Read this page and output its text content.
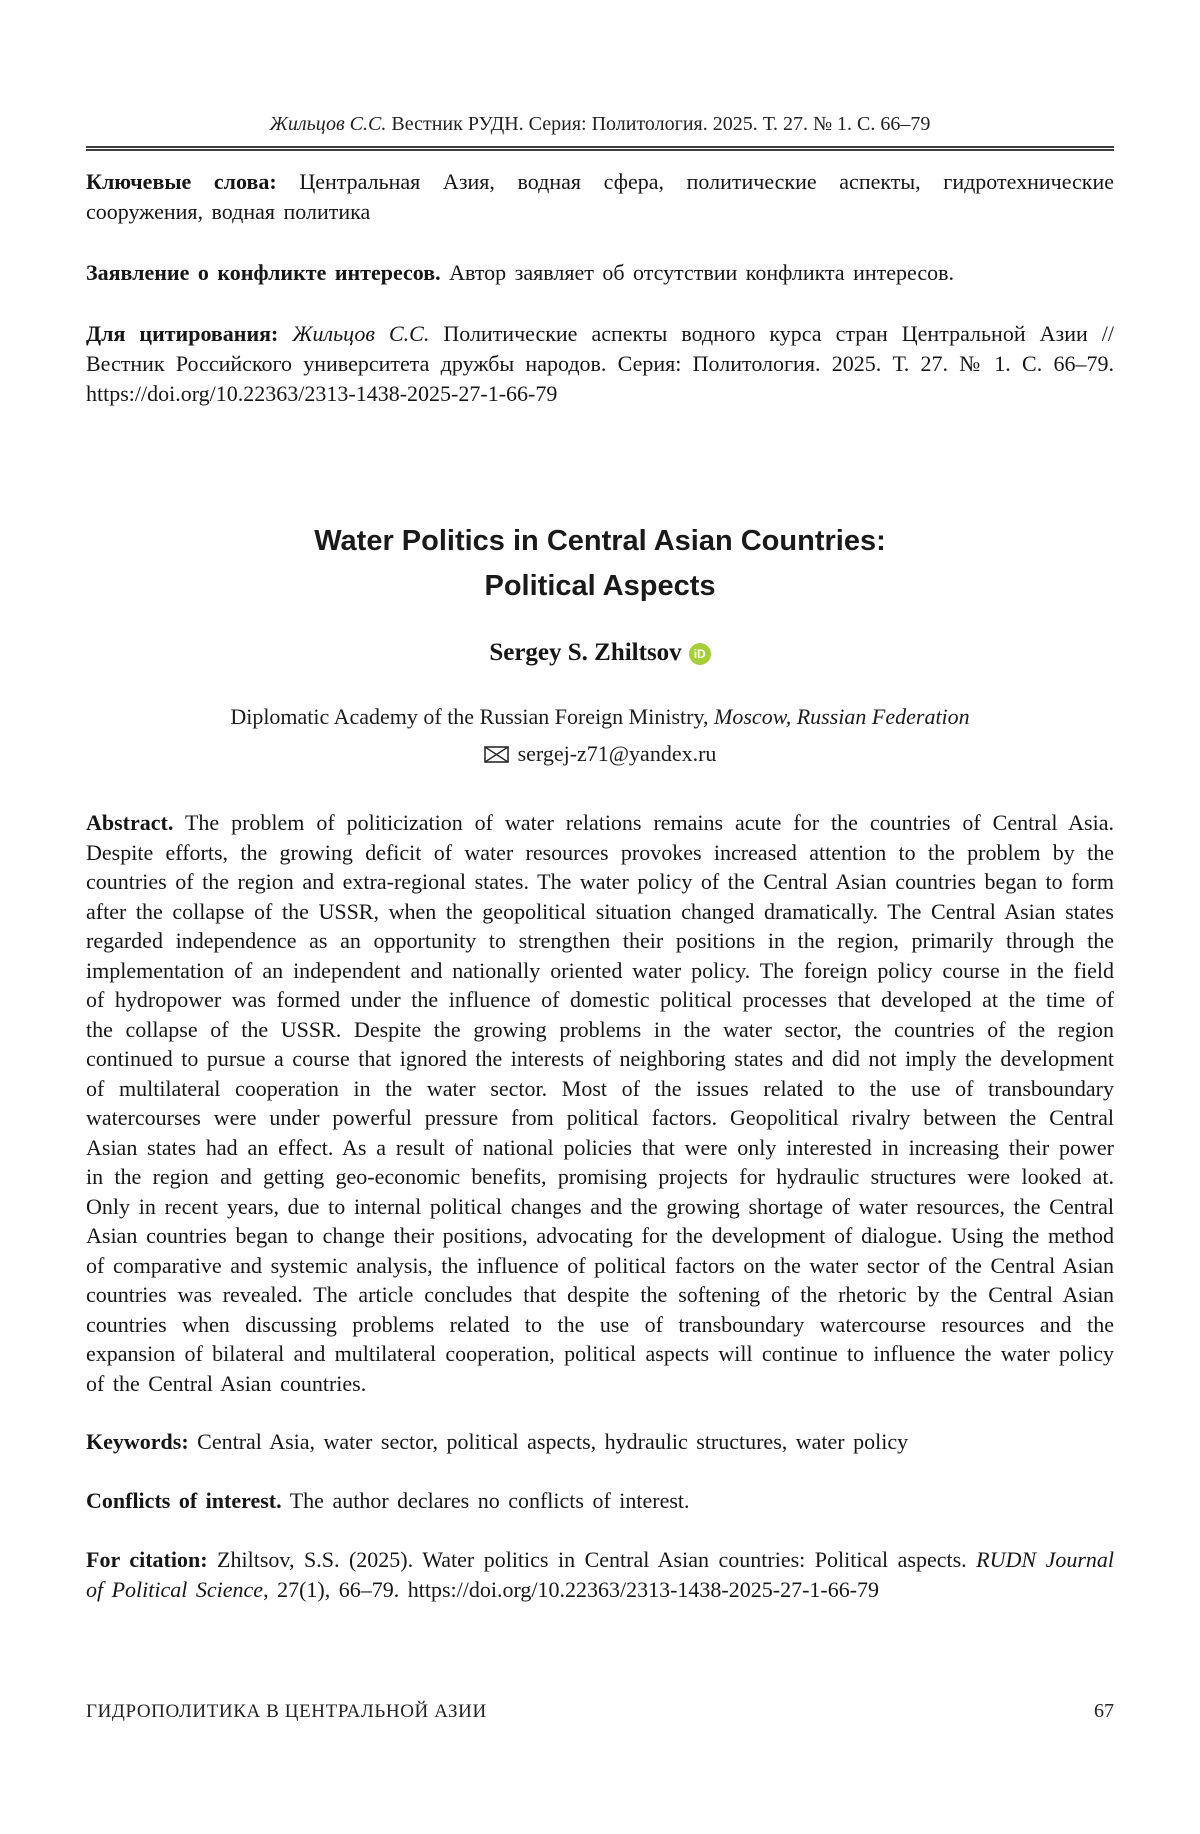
Жильцов С.С. Вестник РУДН. Серия: Политология. 2025. Т. 27. № 1. С. 66–79

Ключевые слова: Центральная Азия, водная сфера, политические аспекты, гидротехнические сооружения, водная политика

Заявление о конфликте интересов. Автор заявляет об отсутствии конфликта интересов.

Для цитирования: Жильцов С.С. Политические аспекты водного курса стран Центральной Азии // Вестник Российского университета дружбы народов. Серия: Политология. 2025. Т. 27. № 1. С. 66–79. https://doi.org/10.22363/2313-1438-2025-27-1-66-79

Water Politics in Central Asian Countries:
Political Aspects
Sergey S. Zhiltsov iD
Diplomatic Academy of the Russian Foreign Ministry, Moscow, Russian Federation
sergej-z71@yandex.ru

Abstract. The problem of politicization of water relations remains acute for the countries of Central Asia. Despite efforts, the growing deficit of water resources provokes increased attention to the problem by the countries of the region and extra-regional states. The water policy of the Central Asian countries began to form after the collapse of the USSR, when the geopolitical situation changed dramatically. The Central Asian states regarded independence as an opportunity to strengthen their positions in the region, primarily through the implementation of an independent and nationally oriented water policy. The foreign policy course in the field of hydropower was formed under the influence of domestic political processes that developed at the time of the collapse of the USSR. Despite the growing problems in the water sector, the countries of the region continued to pursue a course that ignored the interests of neighboring states and did not imply the development of multilateral cooperation in the water sector. Most of the issues related to the use of transboundary watercourses were under powerful pressure from political factors. Geopolitical rivalry between the Central Asian states had an effect. As a result of national policies that were only interested in increasing their power in the region and getting geo-economic benefits, promising projects for hydraulic structures were looked at. Only in recent years, due to internal political changes and the growing shortage of water resources, the Central Asian countries began to change their positions, advocating for the development of dialogue. Using the method of comparative and systemic analysis, the influence of political factors on the water sector of the Central Asian countries was revealed. The article concludes that despite the softening of the rhetoric by the Central Asian countries when discussing problems related to the use of transboundary watercourse resources and the expansion of bilateral and multilateral cooperation, political aspects will continue to influence the water policy of the Central Asian countries.

Keywords: Central Asia, water sector, political aspects, hydraulic structures, water policy

Conflicts of interest. The author declares no conflicts of interest.

For citation: Zhiltsov, S.S. (2025). Water politics in Central Asian countries: Political aspects. RUDN Journal of Political Science, 27(1), 66–79. https://doi.org/10.22363/2313-1438-2025-27-1-66-79

ГИДРОПОЛИТИКА В ЦЕНТРАЛЬНОЙ АЗИИ	67
